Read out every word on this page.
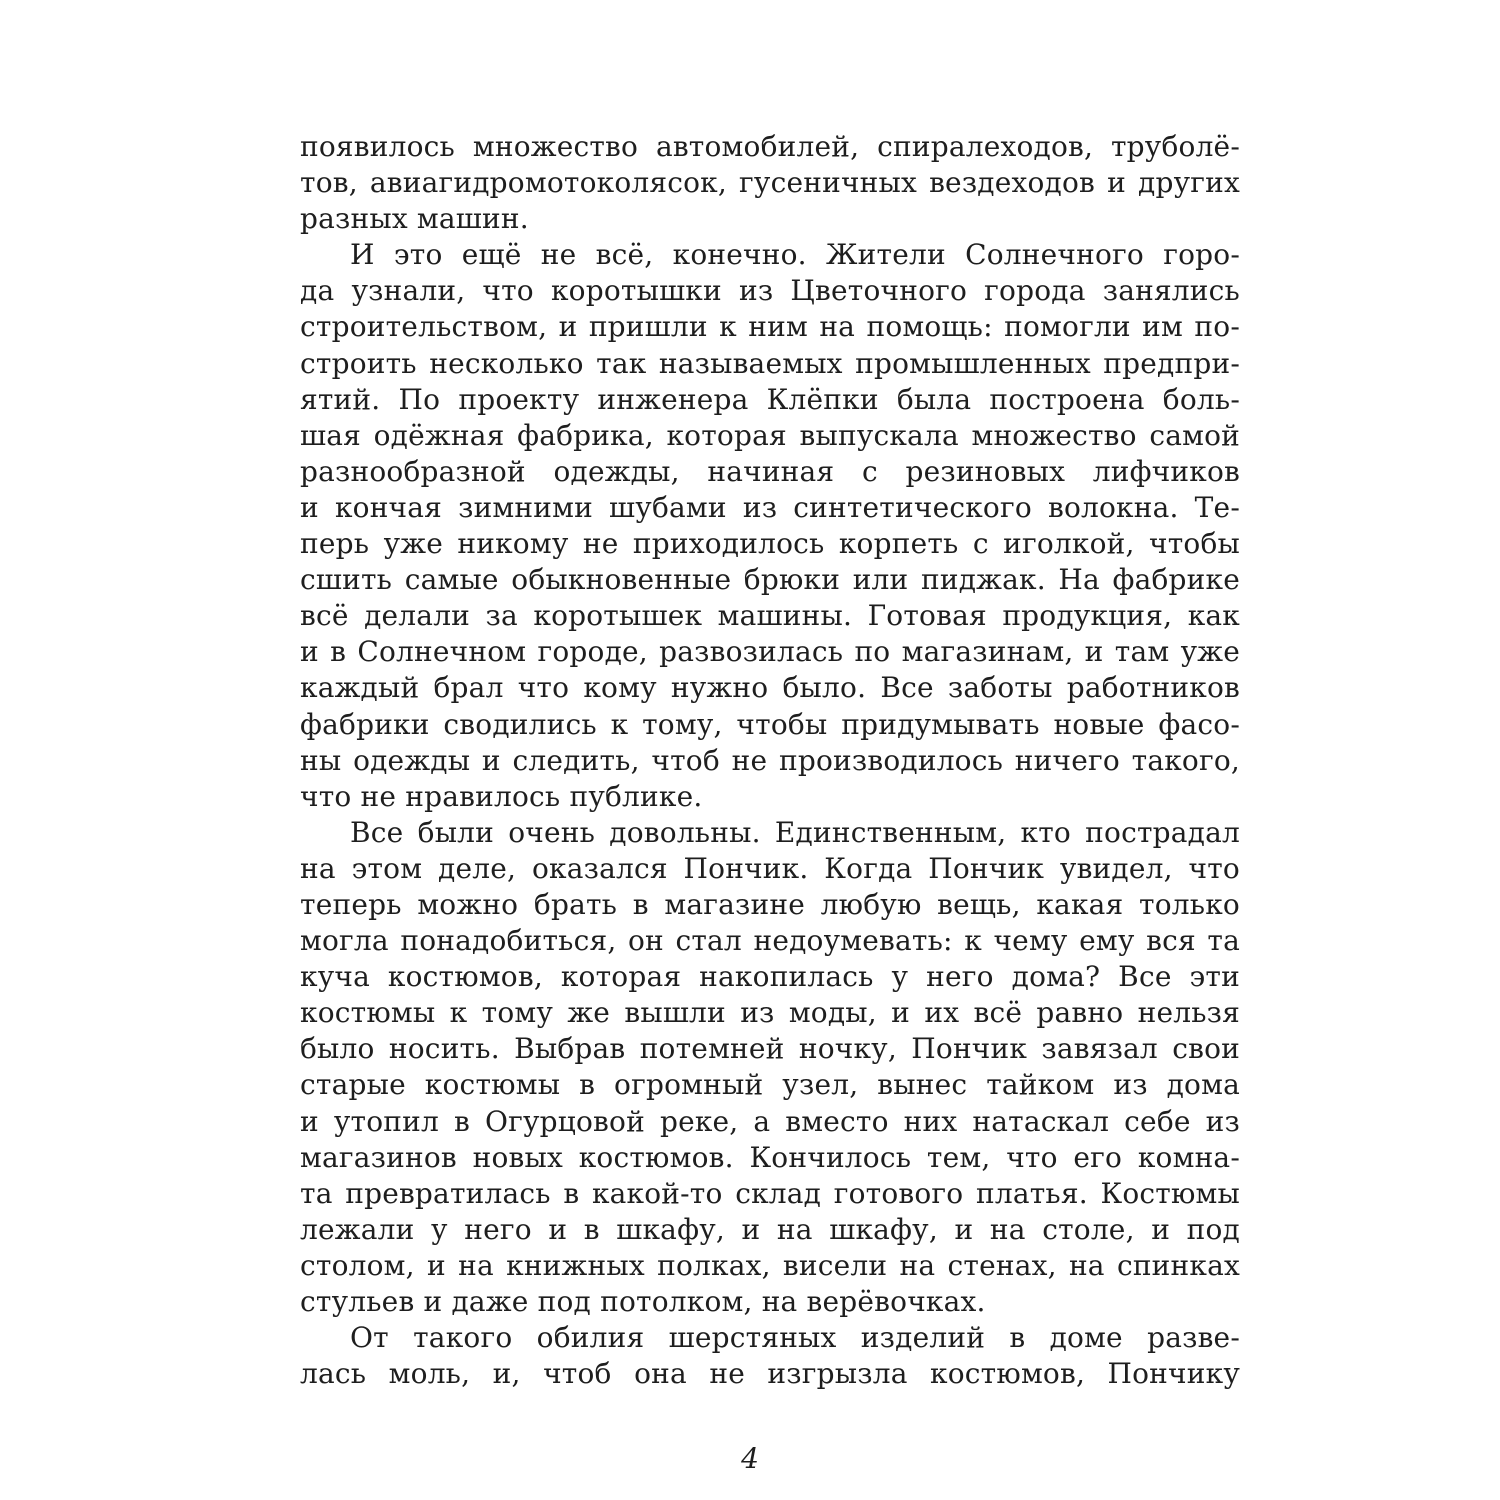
появилось множество автомобилей, спиралеходов, труболё-
тов, авиагидромотоколясок, гусеничных вездеходов и других
разных машин.
И это ещё не всё, конечно. Жители Солнечного горо-
да узнали, что коротышки из Цветочного города занялись
строительством, и пришли к ним на помощь: помогли им по-
строить несколько так называемых промышленных предпри-
ятий. По проекту инженера Клёпки была построена боль-
шая одёжная фабрика, которая выпускала множество самой
разнообразной одежды, начиная с резиновых лифчиков
и кончая зимними шубами из синтетического волокна. Те-
перь уже никому не приходилось корпеть с иголкой, чтобы
сшить самые обыкновенные брюки или пиджак. На фабрике
всё делали за коротышек машины. Готовая продукция, как
и в Солнечном городе, развозилась по магазинам, и там уже
каждый брал что кому нужно было. Все заботы работников
фабрики сводились к тому, чтобы придумывать новые фасо-
ны одежды и следить, чтоб не производилось ничего такого,
что не нравилось публике.
Все были очень довольны. Единственным, кто пострадал
на этом деле, оказался Пончик. Когда Пончик увидел, что
теперь можно брать в магазине любую вещь, какая только
могла понадобиться, он стал недоумевать: к чему ему вся та
куча костюмов, которая накопилась у него дома? Все эти
костюмы к тому же вышли из моды, и их всё равно нельзя
было носить. Выбрав потемней ночку, Пончик завязал свои
старые костюмы в огромный узел, вынес тайком из дома
и утопил в Огурцовой реке, а вместо них натаскал себе из
магазинов новых костюмов. Кончилось тем, что его комна-
та превратилась в какой-то склад готового платья. Костюмы
лежали у него и в шкафу, и на шкафу, и на столе, и под
столом, и на книжных полках, висели на стенах, на спинках
стульев и даже под потолком, на верёвочках.
От такого обилия шерстяных изделий в доме разве-
лась моль, и, чтоб она не изгрызла костюмов, Пончику
4
